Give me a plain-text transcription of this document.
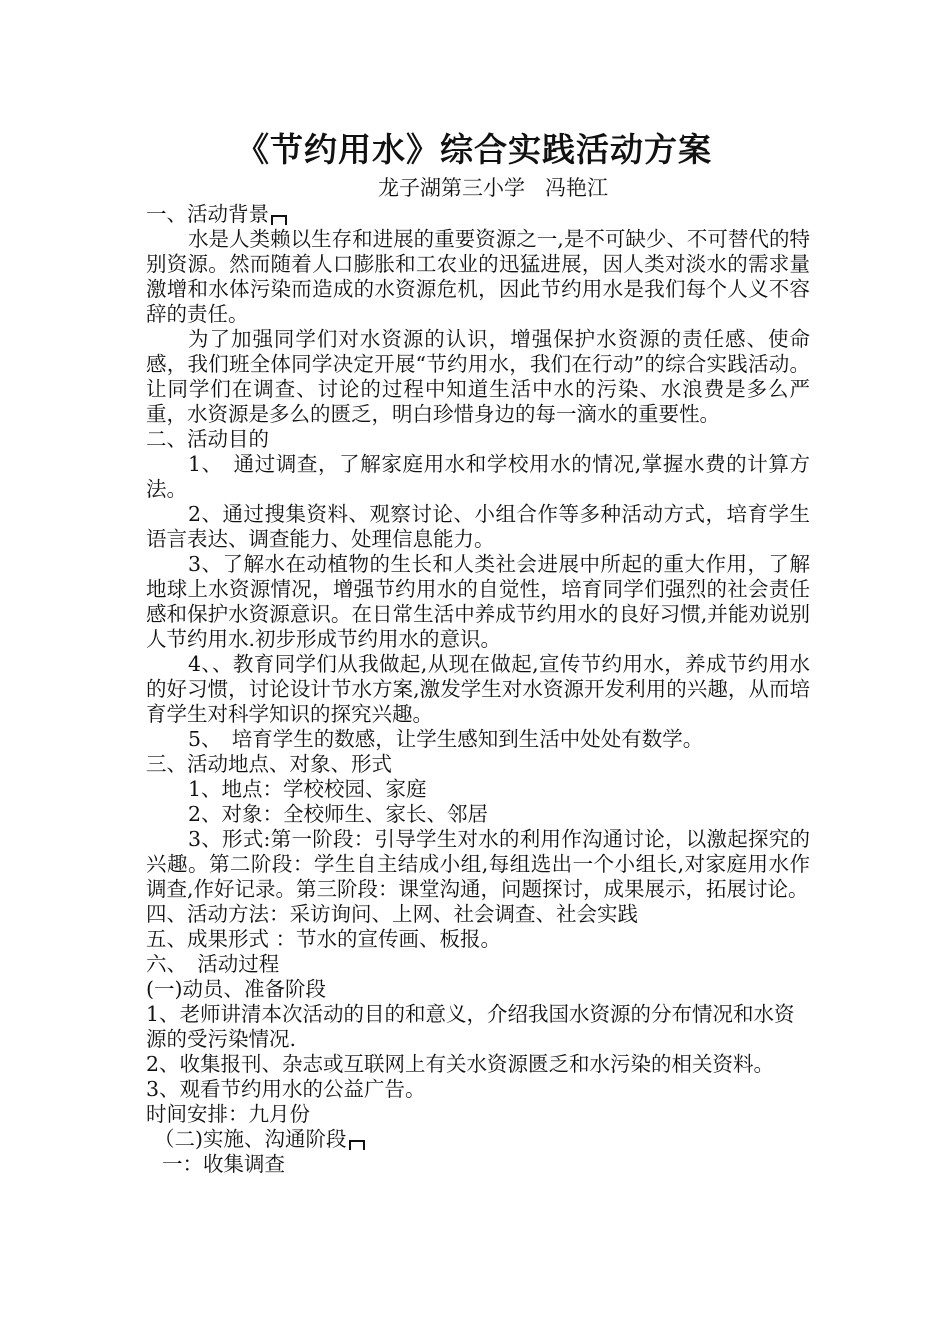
《节约用水》综合实践活动方案

龙子湖第三小学   冯艳江

一、活动背景

水是人类赖以生存和进展的重要资源之一,是不可缺少、不可替代的特别资源。然而随着人口膨胀和工农业的迅猛进展，因人类对淡水的需求量激增和水体污染而造成的水资源危机，因此节约用水是我们每个人义不容辞的责任。

为了加强同学们对水资源的认识，增强保护水资源的责任感、使命感，我们班全体同学决定开展“节约用水，我们在行动”的综合实践活动。让同学们在调查、讨论的过程中知道生活中水的污染、水浪费是多么严重，水资源是多么的匮乏，明白珍惜身边的每一滴水的重要性。

二、活动目的

1、　通过调查，了解家庭用水和学校用水的情况,掌握水费的计算方法。

2、通过搜集资料、观察讨论、小组合作等多种活动方式，培育学生语言表达、调查能力、处理信息能力。

3、了解水在动植物的生长和人类社会进展中所起的重大作用，了解地球上水资源情况，增强节约用水的自觉性，培育同学们强烈的社会责任感和保护水资源意识。在日常生活中养成节约用水的良好习惯,并能劝说别人节约用水.初步形成节约用水的意识。

4、、教育同学们从我做起,从现在做起,宣传节约用水，养成节约用水的好习惯，讨论设计节水方案,激发学生对水资源开发利用的兴趣，从而培育学生对科学知识的探究兴趣。

5、　培育学生的数感，让学生感知到生活中处处有数学。

三、活动地点、对象、形式

1、地点：学校校园、家庭

2、对象：全校师生、家长、邻居

3、形式:第一阶段：引导学生对水的利用作沟通讨论，以激起探究的兴趣。第二阶段：学生自主结成小组,每组选出一个小组长,对家庭用水作调查,作好记录。第三阶段：课堂沟通，问题探讨，成果展示，拓展讨论。

四、活动方法：采访询问、上网、社会调查、社会实践

五、成果形式 ：节水的宣传画、板报。

六、　活动过程

(一)动员、准备阶段

1、老师讲清本次活动的目的和意义，介绍我国水资源的分布情况和水资源的受污染情况.

2、收集报刊、杂志或互联网上有关水资源匮乏和水污染的相关资料。

3、观看节约用水的公益广告。

时间安排：九月份

（二)实施、沟通阶段

一：收集调查
